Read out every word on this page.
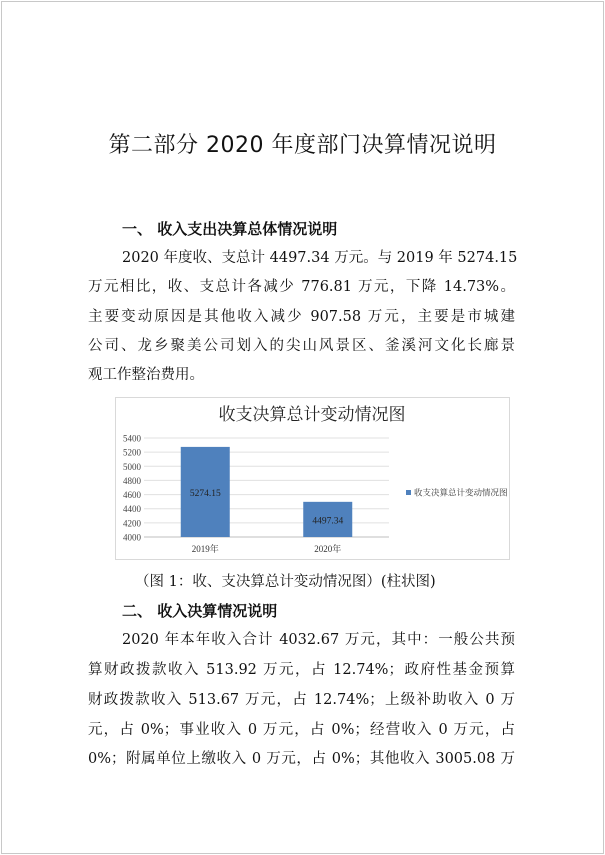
第二部分 2020 年度部门决算情况说明
一、 收入支出决算总体情况说明
2020 年度收、支总计 4497.34 万元。与 2019 年 5274.15
万元相比，收、支总计各减少 776.81 万元，下降 14.73%。
主要变动原因是其他收入减少 907.58 万元，主要是市城建
公司、龙乡聚美公司划入的尖山风景区、釜溪河文化长廊景
观工作整治费用。
收支决算总计变动情况图
4000
4200
4400
4600
4800
5000
5200
5400
5274.15
2019年
4497.34
2020年
收支决算总计变动情况图
（图 1：收、支决算总计变动情况图）(柱状图)
二、 收入决算情况说明
2020 年本年收入合计 4032.67 万元，其中：一般公共预
算财政拨款收入 513.92 万元，占 12.74%；政府性基金预算
财政拨款收入 513.67 万元，占 12.74%；上级补助收入 0 万
元，占 0%；事业收入 0 万元，占 0%；经营收入 0 万元，占
0%；附属单位上缴收入 0 万元，占 0%；其他收入 3005.08 万
